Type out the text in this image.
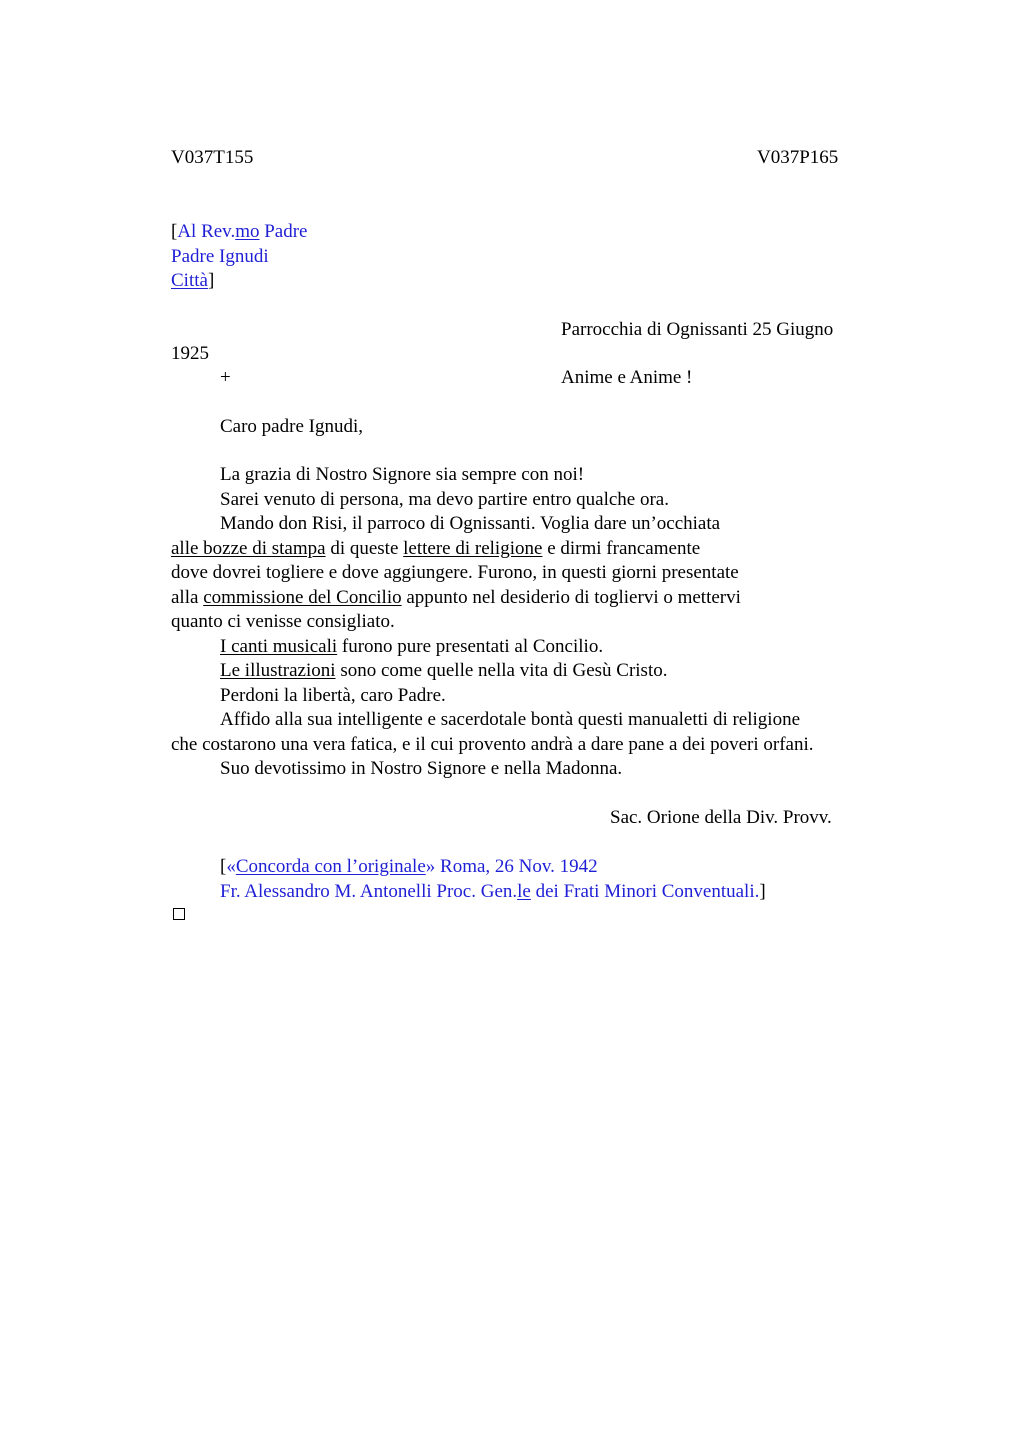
V037T155	V037P165
[Al Rev.mo Padre
Padre Ignudi
Città]
Parrocchia di Ognissanti 25 Giugno
1925
+	Anime e Anime !
Caro padre Ignudi,

La grazia di Nostro Signore sia sempre con noi!

Sarei venuto di persona, ma devo partire entro qualche ora.

Mando don Risi, il parroco di Ognissanti. Voglia dare un’occhiata

alle bozze di stampa di queste lettere di religione e dirmi francamente

dove dovrei togliere e dove aggiungere. Furono, in questi giorni presentate

alla commissione del Concilio appunto nel desiderio di togliervi o mettervi

quanto ci venisse consigliato.

I canti musicali furono pure presentati al Concilio.

Le illustrazioni sono come quelle nella vita di Gesù Cristo.

Perdoni la libertà, caro Padre.

Affido alla sua intelligente e sacerdotale bontà questi manualetti di religione

che costarono una vera fatica, e il cui provento andrà a dare pane a dei poveri orfani.

Suo devotissimo in Nostro Signore e nella Madonna.

Sac. Orione della Div. Provv.
[«Concorda con l’originale» Roma, 26 Nov. 1942
Fr. Alessandro M. Antonelli Proc. Gen.le dei Frati Minori Conventuali.]
